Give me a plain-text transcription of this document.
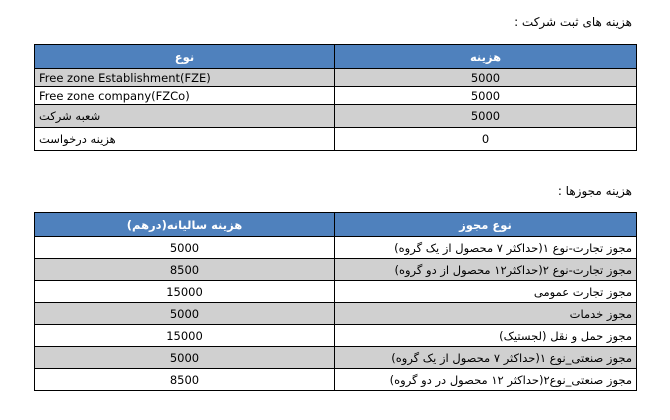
هزینه های ثبت شرکت :
نوع	هزینه
Free zone Establishment(FZE)	5000
Free zone company(FZCo)	5000
شعبه شرکت	5000
هزینه درخواست	0
هزینه مجوزها :
هزینه سالیانه(درهم)	نوع مجوز
5000	مجوز تجارت-نوع ۱(حداکثر ۷ محصول از یک گروه)
8500	مجوز تجارت-نوع ۲(حداکثر۱۲ محصول از دو گروه)
15000	مجوز تجارت عمومی
5000	مجوز خدمات
15000	مجوز حمل و نقل (لجستیک)
5000	مجوز صنعتی_نوع ۱(حداکثر ۷ محصول از یک گروه)
8500	مجوز صنعتی_نوع۲(حداکثر ۱۲ محصول در دو گروه)
